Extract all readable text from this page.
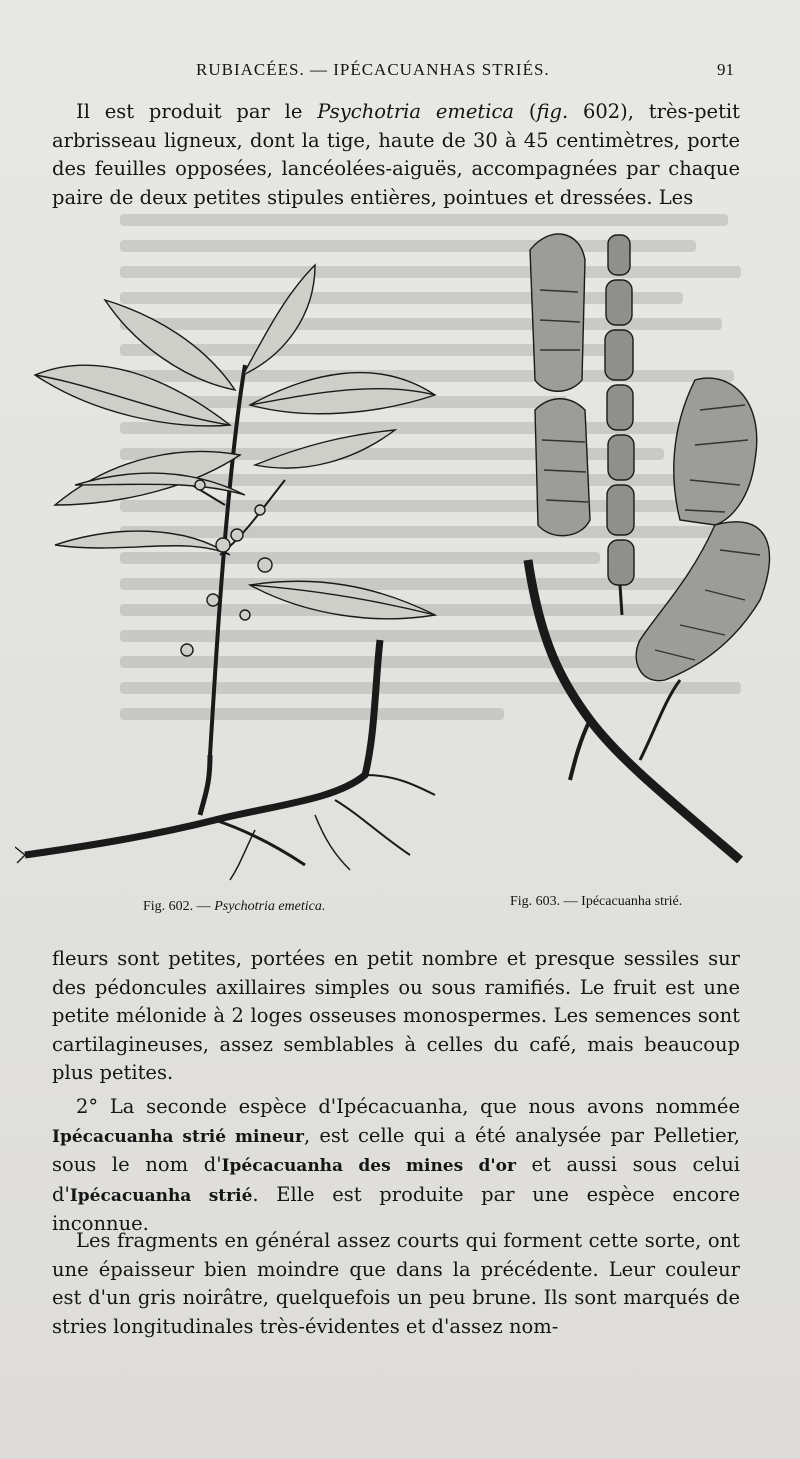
RUBIACÉES. — IPÉCACUANHAS STRIÉS.	91
Il est produit par le Psychotria emetica (fig. 602), très-petit arbrisseau ligneux, dont la tige, haute de 30 à 45 centimètres, porte des feuilles opposées, lancéolées-aiguës, accompagnées par chaque paire de deux petites stipules entières, pointues et dressées. Les
Fig. 602. — Psychotria emetica.	Fig. 603. — Ipécacuanha strié.
fleurs sont petites, portées en petit nombre et presque sessiles sur des pédoncules axillaires simples ou sous ramifiés. Le fruit est une petite mélonide à 2 loges osseuses monospermes. Les semences sont cartilagineuses, assez semblables à celles du café, mais beaucoup plus petites.
2° La seconde espèce d'Ipécacuanha, que nous avons nommée Ipécacuanha strié mineur, est celle qui a été analysée par Pelletier, sous le nom d'Ipécacuanha des mines d'or et aussi sous celui d'Ipécacuanha strié. Elle est produite par une espèce encore inconnue.
Les fragments en général assez courts qui forment cette sorte, ont une épaisseur bien moindre que dans la précédente. Leur couleur est d'un gris noirâtre, quelquefois un peu brune. Ils sont marqués de stries longitudinales très-évidentes et d'assez nom-
